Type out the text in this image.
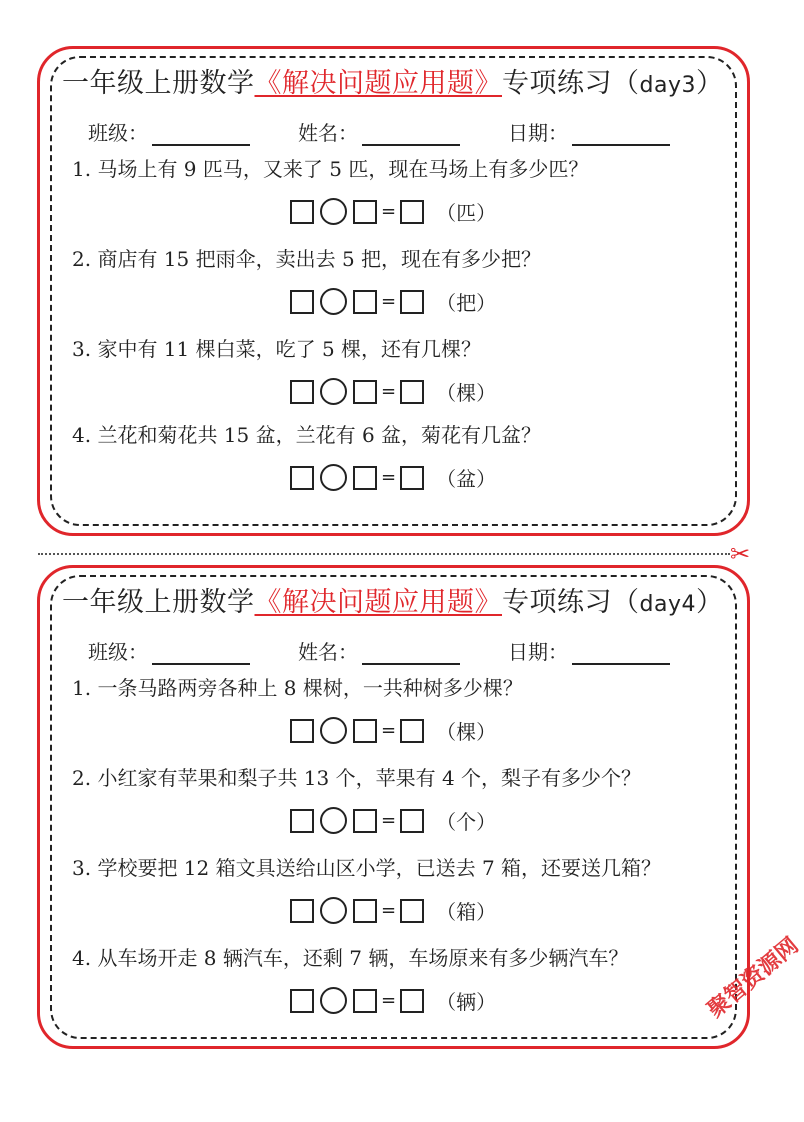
一年级上册数学《解决问题应用题》专项练习（day3）
班级：	姓名：	日期：
1. 马场上有 9 匹马，又来了 5 匹，现在马场上有多少匹？
= （匹）
2. 商店有 15 把雨伞，卖出去 5 把，现在有多少把？
= （把）
3. 家中有 11 棵白菜，吃了 5 棵，还有几棵？
= （棵）
4. 兰花和菊花共 15 盆，兰花有 6 盆，菊花有几盆？
= （盆）
✂
一年级上册数学《解决问题应用题》专项练习（day4）
班级：	姓名：	日期：
1. 一条马路两旁各种上 8 棵树，一共种树多少棵？
= （棵）
2. 小红家有苹果和梨子共 13 个，苹果有 4 个，梨子有多少个？
= （个）
3. 学校要把 12 箱文具送给山区小学，已送去 7 箱，还要送几箱？
= （箱）
4. 从车场开走 8 辆汽车，还剩 7 辆，车场原来有多少辆汽车？
= （辆）	聚智资源网
